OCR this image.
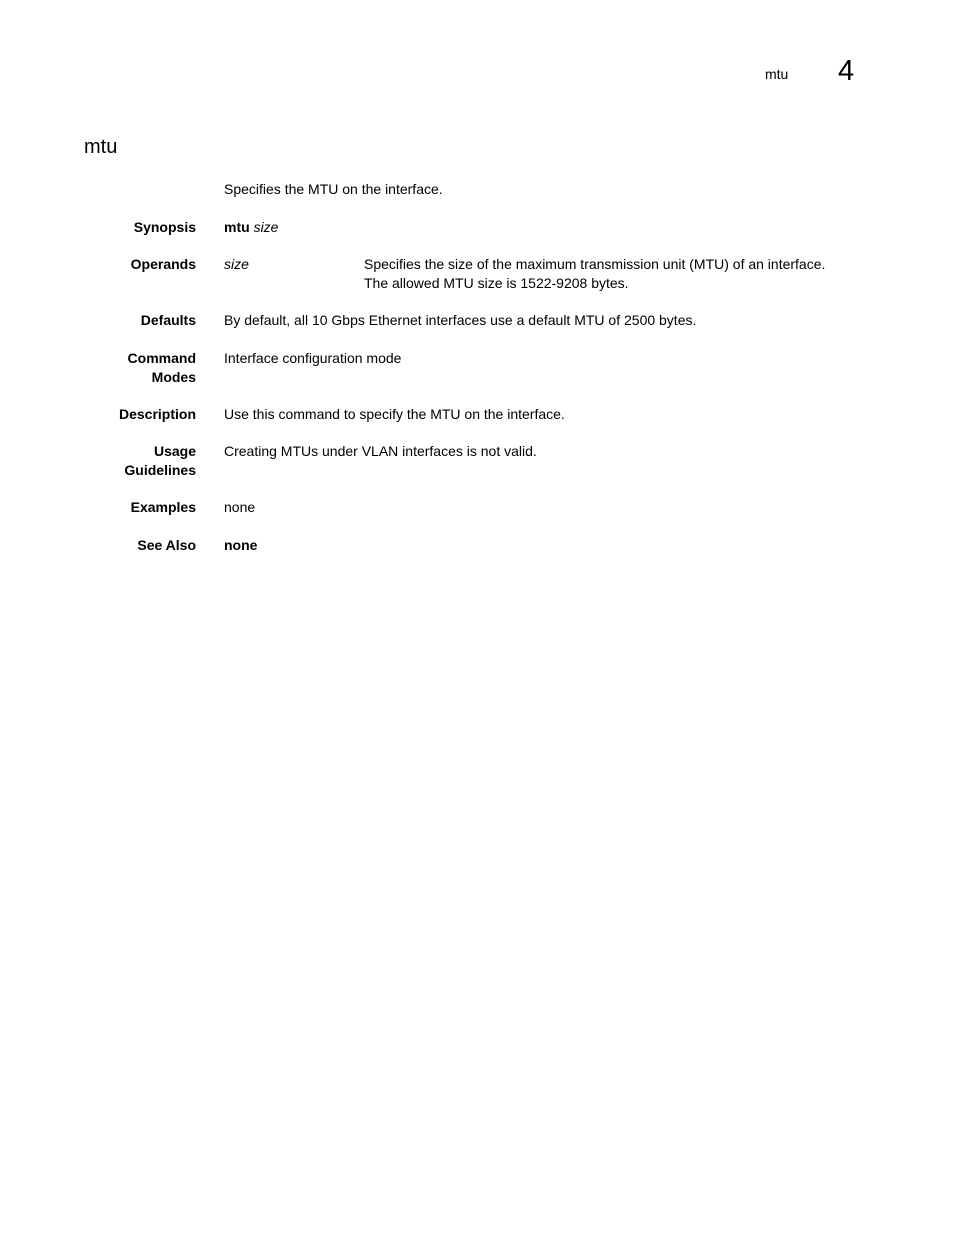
mtu 4
mtu
Specifies the MTU on the interface.
Synopsis mtu size
Operands size	Specifies the size of the maximum transmission unit (MTU) of an interface.
The allowed MTU size is 1522-9208 bytes.
Defaults By default, all 10 Gbps Ethernet interfaces use a default MTU of 2500 bytes.
Command
Modes
Interface configuration mode
Description Use this command to specify the MTU on the interface.
Usage
Guidelines
Creating MTUs under VLAN interfaces is not valid.
Examples none
See Also none
